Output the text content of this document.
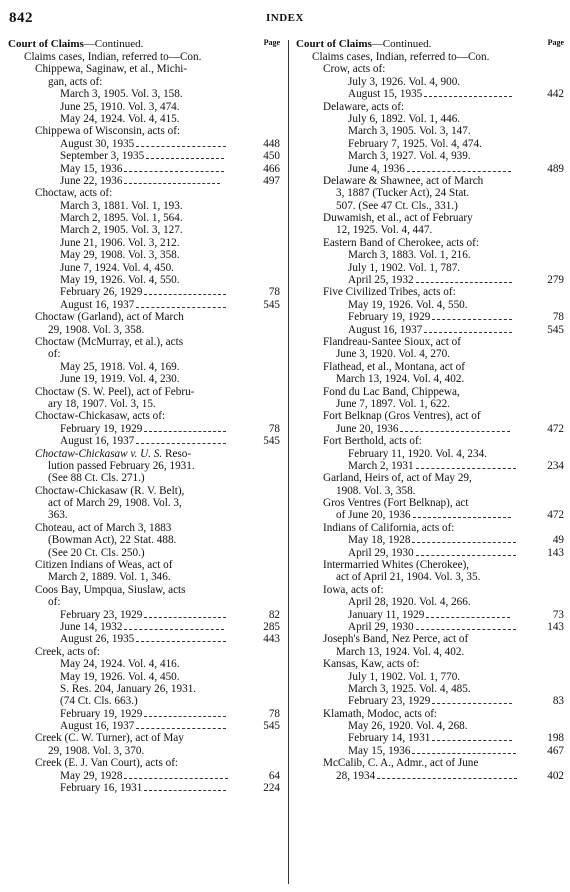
842	INDEX
Court of Claims—Continued.	Page
Claims cases, Indian, referred to—Con.
Chippewa, Saginaw, et al., Michi-
gan, acts of:
March 3, 1905. Vol. 3, 158.
June 25, 1910. Vol. 3, 474.
May 24, 1924. Vol. 4, 415.
Chippewa of Wisconsin, acts of:
August 30, 1935	448
September 3, 1935	450
May 15, 1936	466
June 22, 1936	497
Choctaw, acts of:
March 3, 1881. Vol. 1, 193.
March 2, 1895. Vol. 1, 564.
March 2, 1905. Vol. 3, 127.
June 21, 1906. Vol. 3, 212.
May 29, 1908. Vol. 3, 358.
June 7, 1924. Vol. 4, 450.
May 19, 1926. Vol. 4, 550.
February 26, 1929	78
August 16, 1937	545
Choctaw (Garland), act of March
29, 1908. Vol. 3, 358.
Choctaw (McMurray, et al.), acts
of:
May 25, 1918. Vol. 4, 169.
June 19, 1919. Vol. 4, 230.
Choctaw (S. W. Peel), act of Febru-
ary 18, 1907. Vol. 3, 15.
Choctaw-Chickasaw, acts of:
February 19, 1929	78
August 16, 1937	545
Choctaw-Chickasaw v. U. S. Reso-
lution passed February 26, 1931.
(See 88 Ct. Cls. 271.)
Choctaw-Chickasaw (R. V. Belt),
act of March 29, 1908. Vol. 3,
363.
Choteau, act of March 3, 1883
(Bowman Act), 22 Stat. 488.
(See 20 Ct. Cls. 250.)
Citizen Indians of Weas, act of
March 2, 1889. Vol. 1, 346.
Coos Bay, Umpqua, Siuslaw, acts
of:
February 23, 1929	82
June 14, 1932	285
August 26, 1935	443
Creek, acts of:
May 24, 1924. Vol. 4, 416.
May 19, 1926. Vol. 4, 450.
S. Res. 204, January 26, 1931.
(74 Ct. Cls. 663.)
February 19, 1929	78
August 16, 1937	545
Creek (C. W. Turner), act of May
29, 1908. Vol. 3, 370.
Creek (E. J. Van Court), acts of:
May 29, 1928	64
February 16, 1931	224
Court of Claims—Continued.	Page
Claims cases, Indian, referred to—Con.
Crow, acts of:
July 3, 1926. Vol. 4, 900.
August 15, 1935	442
Delaware, acts of:
July 6, 1892. Vol. 1, 446.
March 3, 1905. Vol. 3, 147.
February 7, 1925. Vol. 4, 474.
March 3, 1927. Vol. 4, 939.
June 4, 1936	489
Delaware & Shawnee, act of March
3, 1887 (Tucker Act), 24 Stat.
507. (See 47 Ct. Cls., 331.)
Duwamish, et al., act of February
12, 1925. Vol. 4, 447.
Eastern Band of Cherokee, acts of:
March 3, 1883. Vol. 1, 216.
July 1, 1902. Vol. 1, 787.
April 25, 1932	279
Five Civilized Tribes, acts of:
May 19, 1926. Vol. 4, 550.
February 19, 1929	78
August 16, 1937	545
Flandreau-Santee Sioux, act of
June 3, 1920. Vol. 4, 270.
Flathead, et al., Montana, act of
March 13, 1924. Vol. 4, 402.
Fond du Lac Band, Chippewa,
June 7, 1897. Vol. 1, 622.
Fort Belknap (Gros Ventres), act of
June 20, 1936	472
Fort Berthold, acts of:
February 11, 1920. Vol. 4, 234.
March 2, 1931	234
Garland, Heirs of, act of May 29,
1908. Vol. 3, 358.
Gros Ventres (Fort Belknap), act
of June 20, 1936	472
Indians of California, acts of:
May 18, 1928	49
April 29, 1930	143
Intermarried Whites (Cherokee),
act of April 21, 1904. Vol. 3, 35.
Iowa, acts of:
April 28, 1920. Vol. 4, 266.
January 11, 1929	73
April 29, 1930	143
Joseph's Band, Nez Perce, act of
March 13, 1924. Vol. 4, 402.
Kansas, Kaw, acts of:
July 1, 1902. Vol. 1, 770.
March 3, 1925. Vol. 4, 485.
February 23, 1929	83
Klamath, Modoc, acts of:
May 26, 1920. Vol. 4, 268.
February 14, 1931	198
May 15, 1936	467
McCalib, C. A., Admr., act of June
28, 1934	402
